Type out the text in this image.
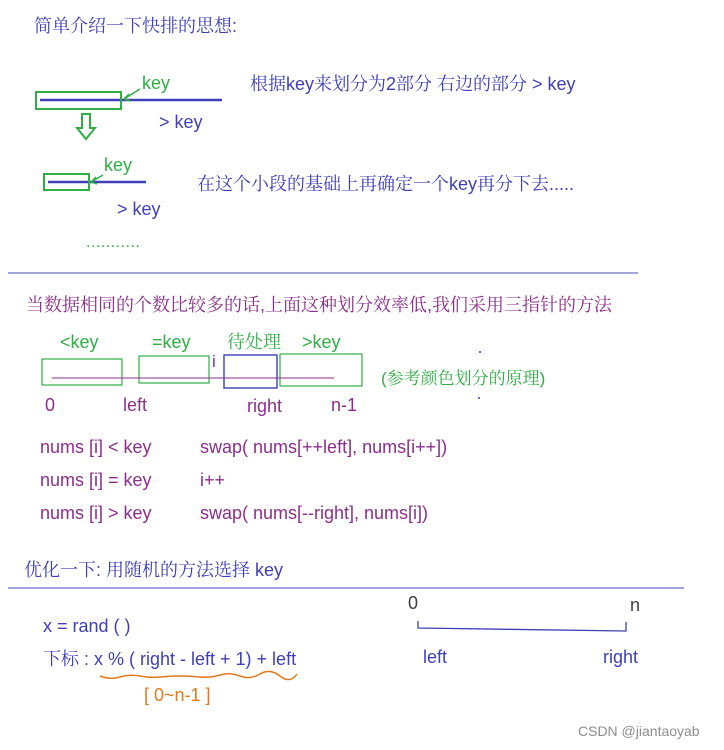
简单介绍一下快排的思想:
key
> key
根据key来划分为2部分 右边的部分 > key
key
> key
在这个小段的基础上再确定一个key再分下去.....
...........
当数据相同的个数比较多的话,上面这种划分效率低,我们采用三指针的方法
<key	=key 待处理 >key
i
(参考颜色划分的原理)
0	left	right	n-1
nums [i] < key	swap( nums[++left], nums[i++])
nums [i] = key	i++
nums [i] > key	swap( nums[--right], nums[i])
优化一下: 用随机的方法选择 key
x = rand ( )
下标 : x % ( right - left + 1) + left
[ 0~n-1 ]
0	n
left	right
CSDN @jiantaoyab
